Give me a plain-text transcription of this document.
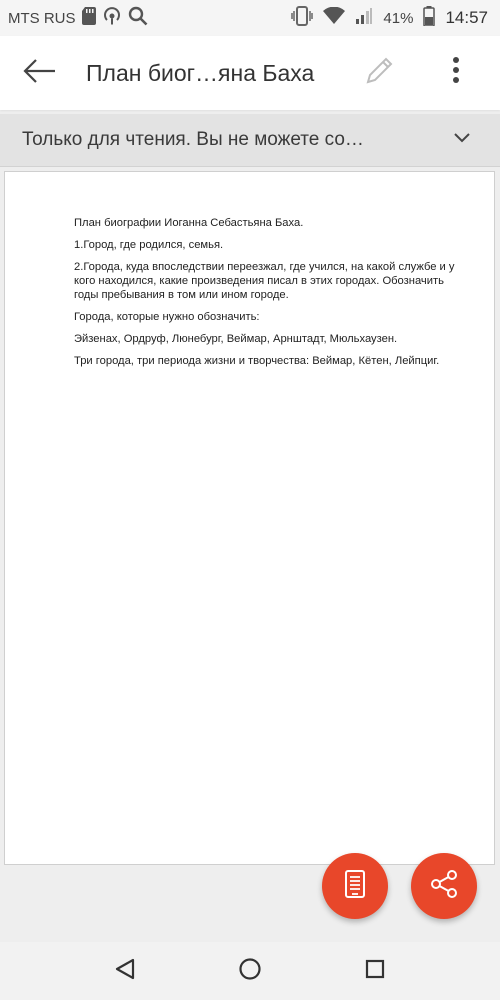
MTS RUS	41% 14:57
План биог…яна Баха
Только для чтения. Вы не можете со…

План биографии Иоганна Себастьяна Баха.

1.Город, где родился, семья.

2.Города, куда впоследствии переезжал, где учился, на какой службе и у кого находился, какие произведения писал в этих городах. Обозначить годы пребывания в том или ином городе.

Города, которые нужно обозначить:

Эйзенах, Ордруф, Люнебург, Веймар, Арнштадт, Мюльхаузен.

Три города, три периода жизни и творчества: Веймар, Кётен, Лейпциг.
